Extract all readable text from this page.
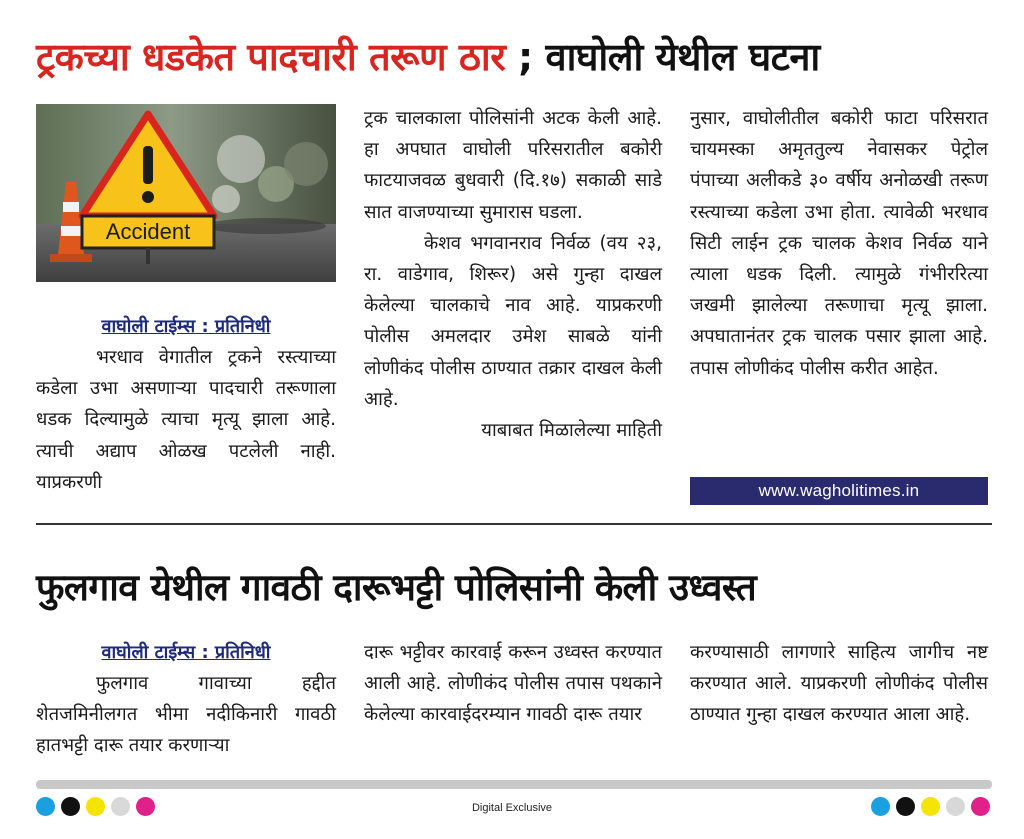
ट्रकच्या धडकेत पादचारी तरूण ठार ; वाघोली येथील घटना
Accident
वाघोली टाईम्स : प्रतिनिधी

भरधाव वेगातील ट्रकने रस्त्याच्या कडेला उभा असणाऱ्या पादचारी तरूणाला धडक दिल्यामुळे त्याचा मृत्यू झाला आहे. त्याची अद्याप ओळख पटलेली नाही. याप्रकरणी

ट्रक चालकाला पोलिसांनी अटक केली आहे. हा अपघात वाघोली परिसरातील बकोरी फाटयाजवळ बुधवारी (दि.१७) सकाळी साडे सात वाजण्याच्या सुमारास घडला.

केशव भगवानराव निर्वळ (वय २३, रा. वाडेगाव, शिरूर) असे गुन्हा दाखल केलेल्या चालकाचे नाव आहे. याप्रकरणी पोलीस अमलदार उमेश साबळे यांनी लोणीकंद पोलीस ठाण्यात तक्रार दाखल केली आहे.

याबाबत मिळालेल्या माहिती

नुसार, वाघोलीतील बकोरी फाटा परिसरात चायमस्का अमृततुल्य नेवासकर पेट्रोल पंपाच्या अलीकडे ३० वर्षीय अनोळखी तरूण रस्त्याच्या कडेला उभा होता. त्यावेळी भरधाव सिटी लाईन ट्रक चालक केशव निर्वळ याने त्याला धडक दिली. त्यामुळे गंभीररित्या जखमी झालेल्या तरूणाचा मृत्यू झाला. अपघातानंतर ट्रक चालक पसार झाला आहे. तपास लोणीकंद पोलीस करीत आहेत.

www.wagholitimes.in
फुलगाव येथील गावठी दारूभट्टी पोलिसांनी केली उध्वस्त
वाघोली टाईम्स : प्रतिनिधी

फुलगाव गावाच्या हद्दीत शेतजमिनीलगत भीमा नदीकिनारी गावठी हातभट्टी दारू तयार करणाऱ्या

दारू भट्टीवर कारवाई करून उध्वस्त करण्यात आली आहे. लोणीकंद पोलीस तपास पथकाने केलेल्या कारवाईदरम्यान गावठी दारू तयार

करण्यासाठी लागणारे साहित्य जागीच नष्ट करण्यात आले. याप्रकरणी लोणीकंद पोलीस ठाण्यात गुन्हा दाखल करण्यात आला आहे.

Digital Exclusive
